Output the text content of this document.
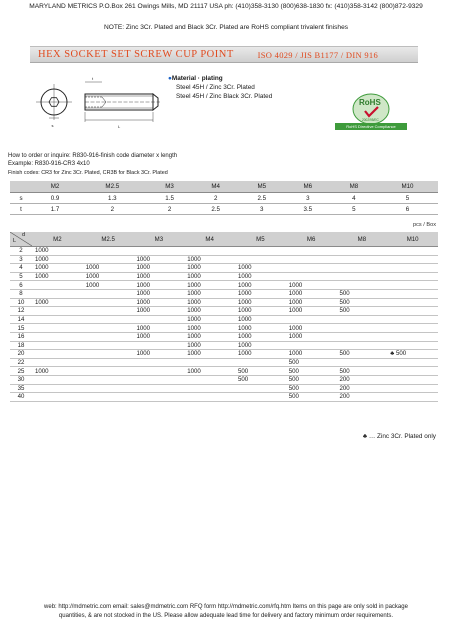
MARYLAND METRICS P.O.Box 261 Owings Mills, MD 21117 USA ph: (410)358-3130 (800)638-1830 fx: (410)358-3142 (800)872-9329
NOTE: Zinc 3Cr. Plated and Black 3Cr. Plated are RoHS compliant trivalent finishes
HEX SOCKET SET SCREW CUP POINT	ISO 4029 / JIS B1177 / DIN 916
s
t
L
●Material · plating
Steel 45H / Zinc 3Cr. Plated
Steel 45H / Zinc Black 3Cr. Plated
RoHS
2002/95/EC
RoHS Directive Compliance
How to order or inquire: R830-916-finish code diameter x length
Example: R830-916-CR3 4x10
Finish codes: CR3 for Zinc 3Cr. Plated, CR3B for Black 3Cr. Plated
	M2	M2.5	M3	M4	M5	M6	M8	M10
s	0.9	1.3	1.5	2	2.5	3	4	5
t	1.7	2	2	2.5	3	3.5	5	6
pcs / Box
d
L	M2	M2.5	M3	M4	M5	M6	M8	M10
2	1000							
3	1000		1000	1000				
4	1000	1000	1000	1000	1000			
5	1000	1000	1000	1000	1000			
6		1000	1000	1000	1000	1000		
8			1000	1000	1000	1000	500	
10	1000		1000	1000	1000	1000	500	
12			1000	1000	1000	1000	500	
14				1000	1000			
15			1000	1000	1000	1000		
16			1000	1000	1000	1000		
18				1000	1000			
20			1000	1000	1000	1000	500	♣ 500
22						500		
25	1000			1000	500	500	500	
30					500	500	200	
35						500	200	
40						500	200	
♣ … Zinc 3Cr. Plated only
web: http://mdmetric.com email: sales@mdmetric.com RFQ form http://mdmetric.com/rfq.htm Items on this page are only sold in package
quantities, & are not stocked in the US. Please allow adequate lead time for delivery and factory minimum order requirements.
